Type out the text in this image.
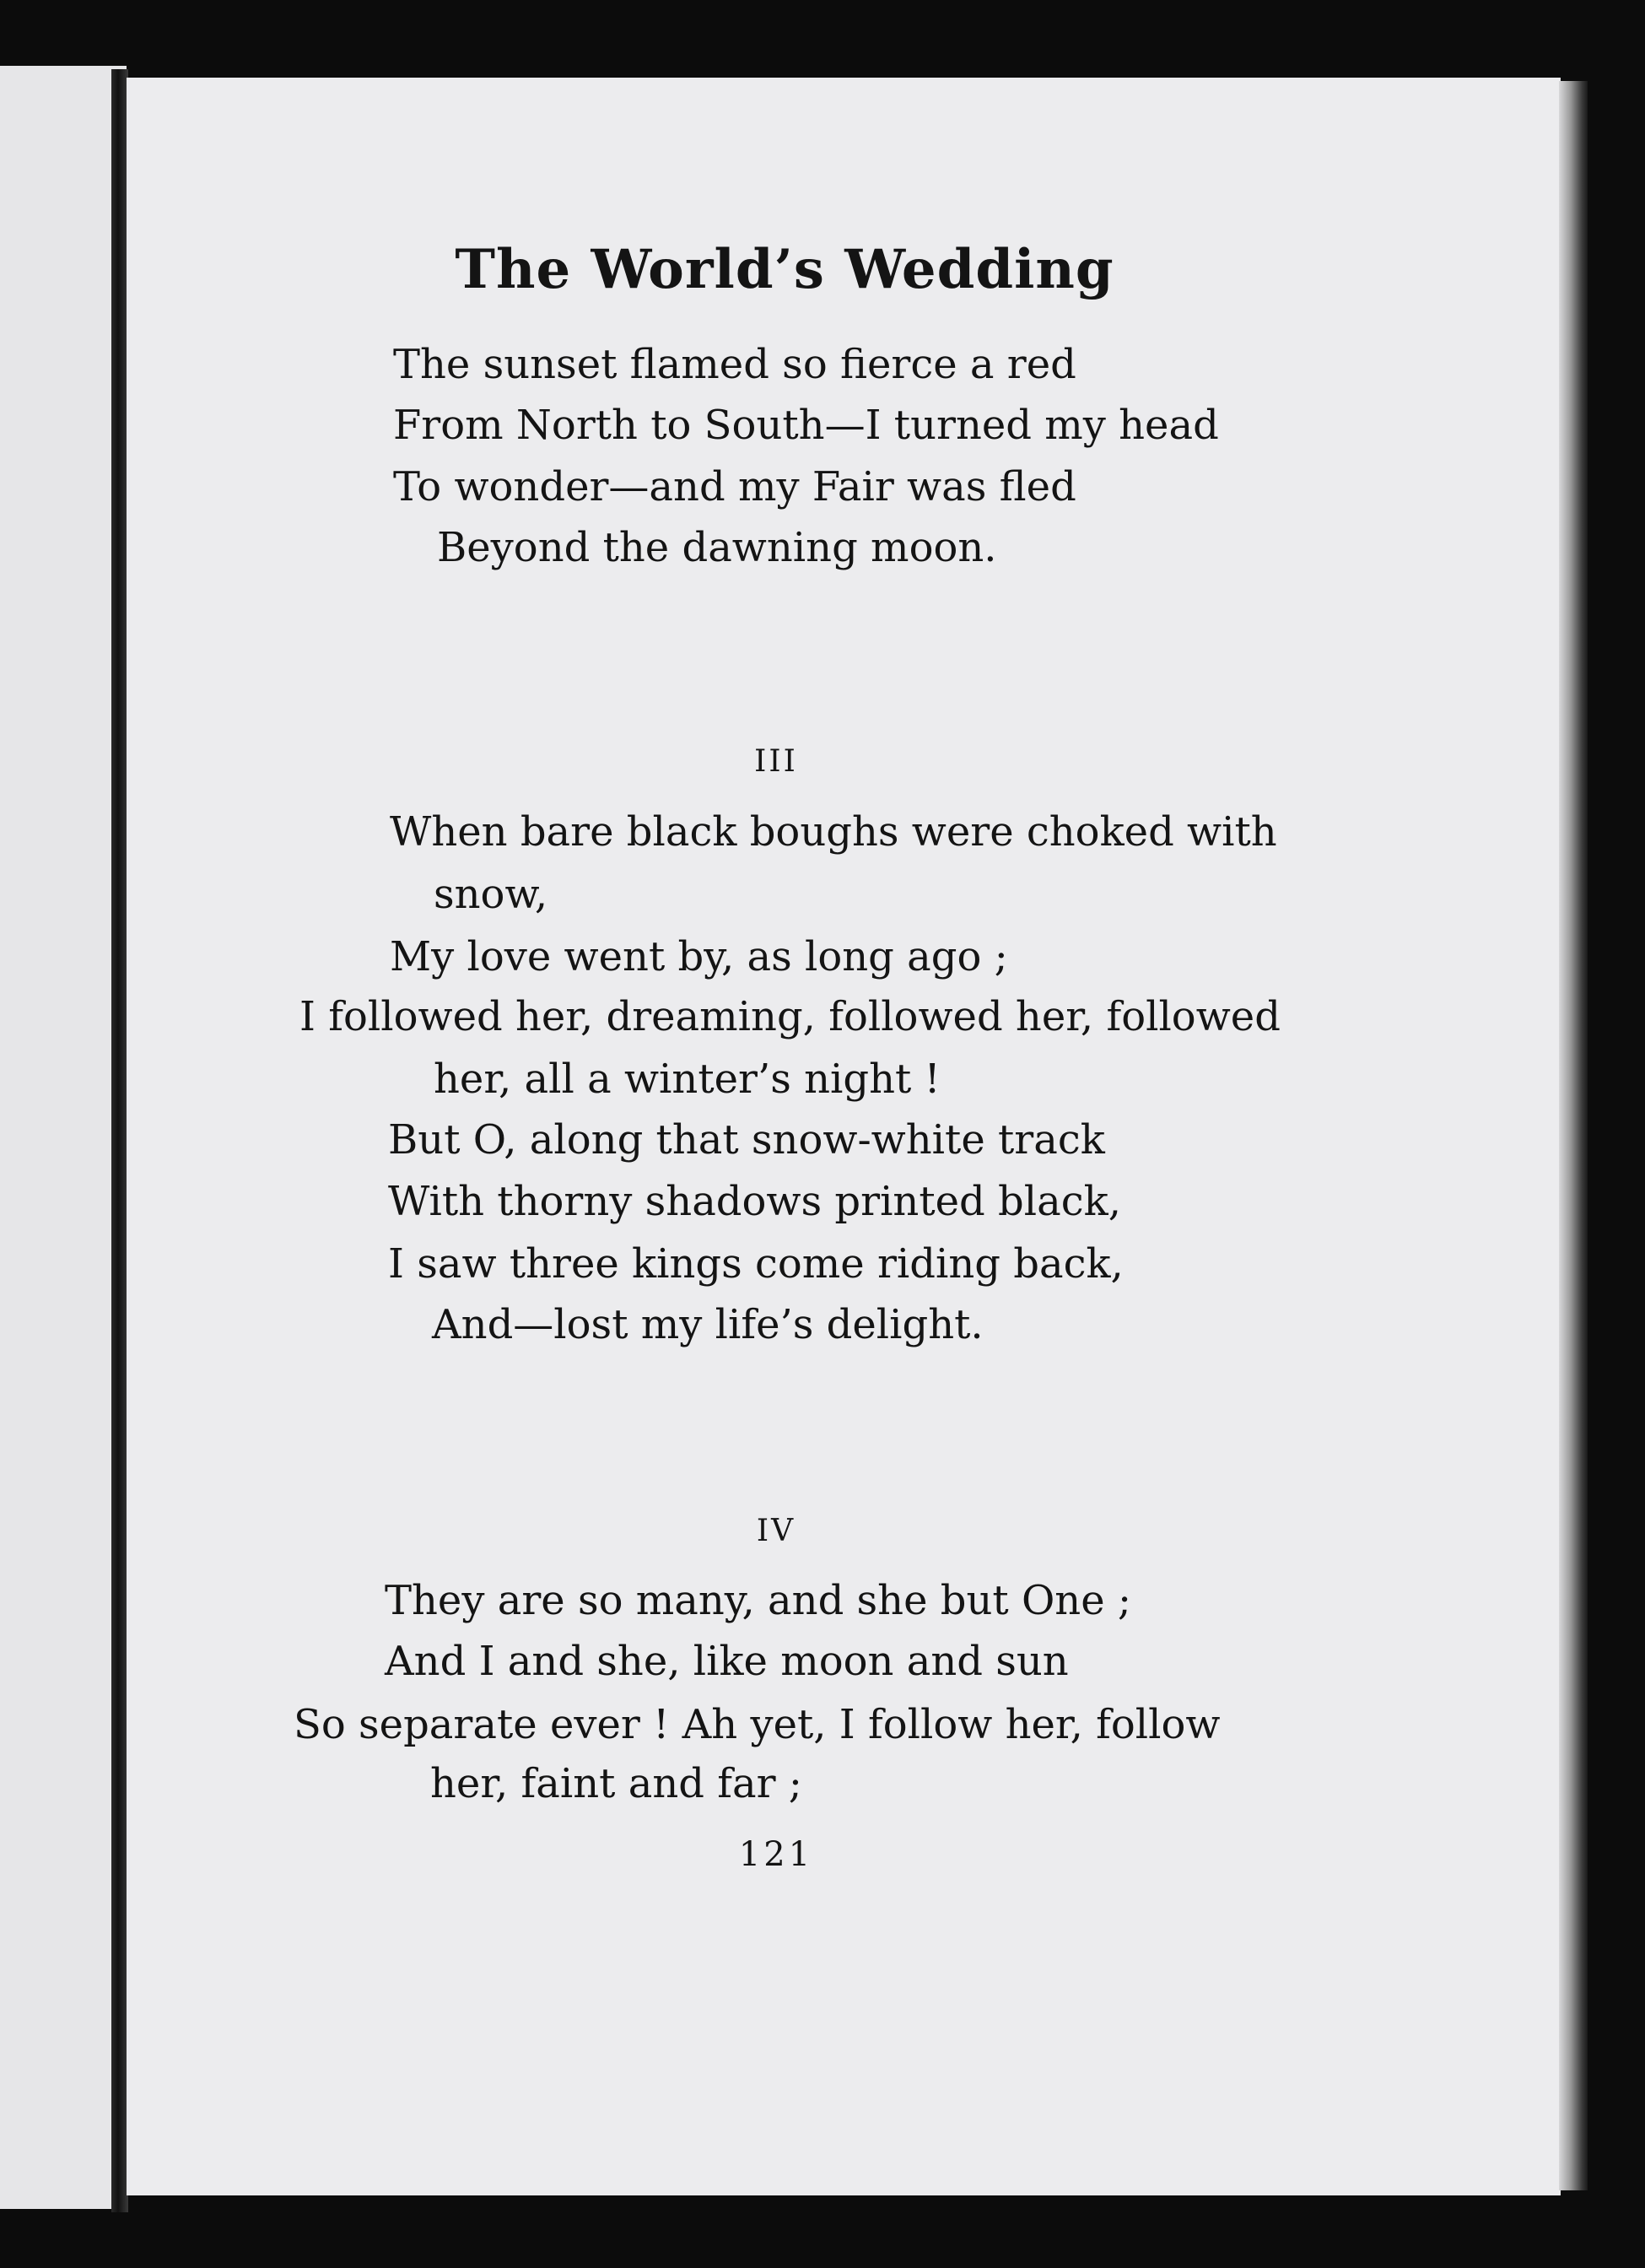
The World’s Wedding

The sunset flamed so fierce a red

From North to South—I turned my head

To wonder—and my Fair was fled

Beyond the dawning moon.

III

When bare black boughs were choked with

snow,

My love went by, as long ago ;

I followed her, dreaming, followed her, followed

her, all a winter’s night !

But O, along that snow-white track

With thorny shadows printed black,

I saw three kings come riding back,

And—lost my life’s delight.

IV

They are so many, and she but One ;

And I and she, like moon and sun

So separate ever ! Ah yet, I follow her, follow

her, faint and far ;

121
